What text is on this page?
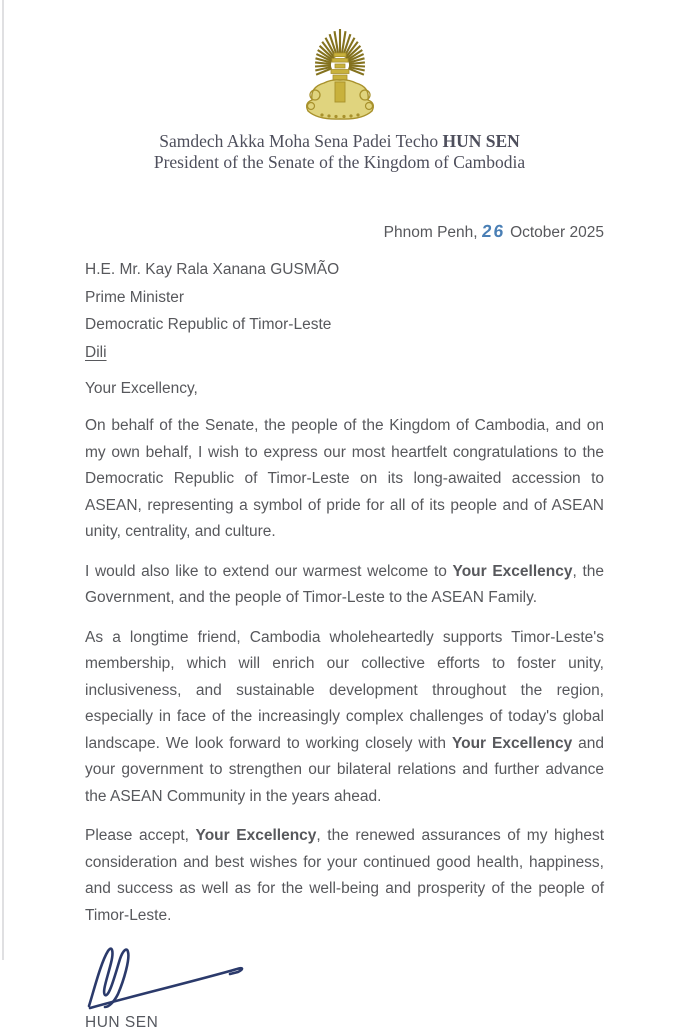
Samdech Akka Moha Sena Padei Techo HUN SEN
President of the Senate of the Kingdom of Cambodia
Phnom Penh, 26 October 2025
H.E. Mr. Kay Rala Xanana GUSMÃO
Prime Minister
Democratic Republic of Timor-Leste
Dili
Your Excellency,

On behalf of the Senate, the people of the Kingdom of Cambodia, and on my own behalf, I wish to express our most heartfelt congratulations to the Democratic Republic of Timor-Leste on its long-awaited accession to ASEAN, representing a symbol of pride for all of its people and of ASEAN unity, centrality, and culture.

I would also like to extend our warmest welcome to Your Excellency, the Government, and the people of Timor-Leste to the ASEAN Family.

As a longtime friend, Cambodia wholeheartedly supports Timor-Leste's membership, which will enrich our collective efforts to foster unity, inclusiveness, and sustainable development throughout the region, especially in face of the increasingly complex challenges of today's global landscape. We look forward to working closely with Your Excellency and your government to strengthen our bilateral relations and further advance the ASEAN Community in the years ahead.

Please accept, Your Excellency, the renewed assurances of my highest consideration and best wishes for your continued good health, happiness, and success as well as for the well-being and prosperity of the people of Timor-Leste.

HUN SEN
